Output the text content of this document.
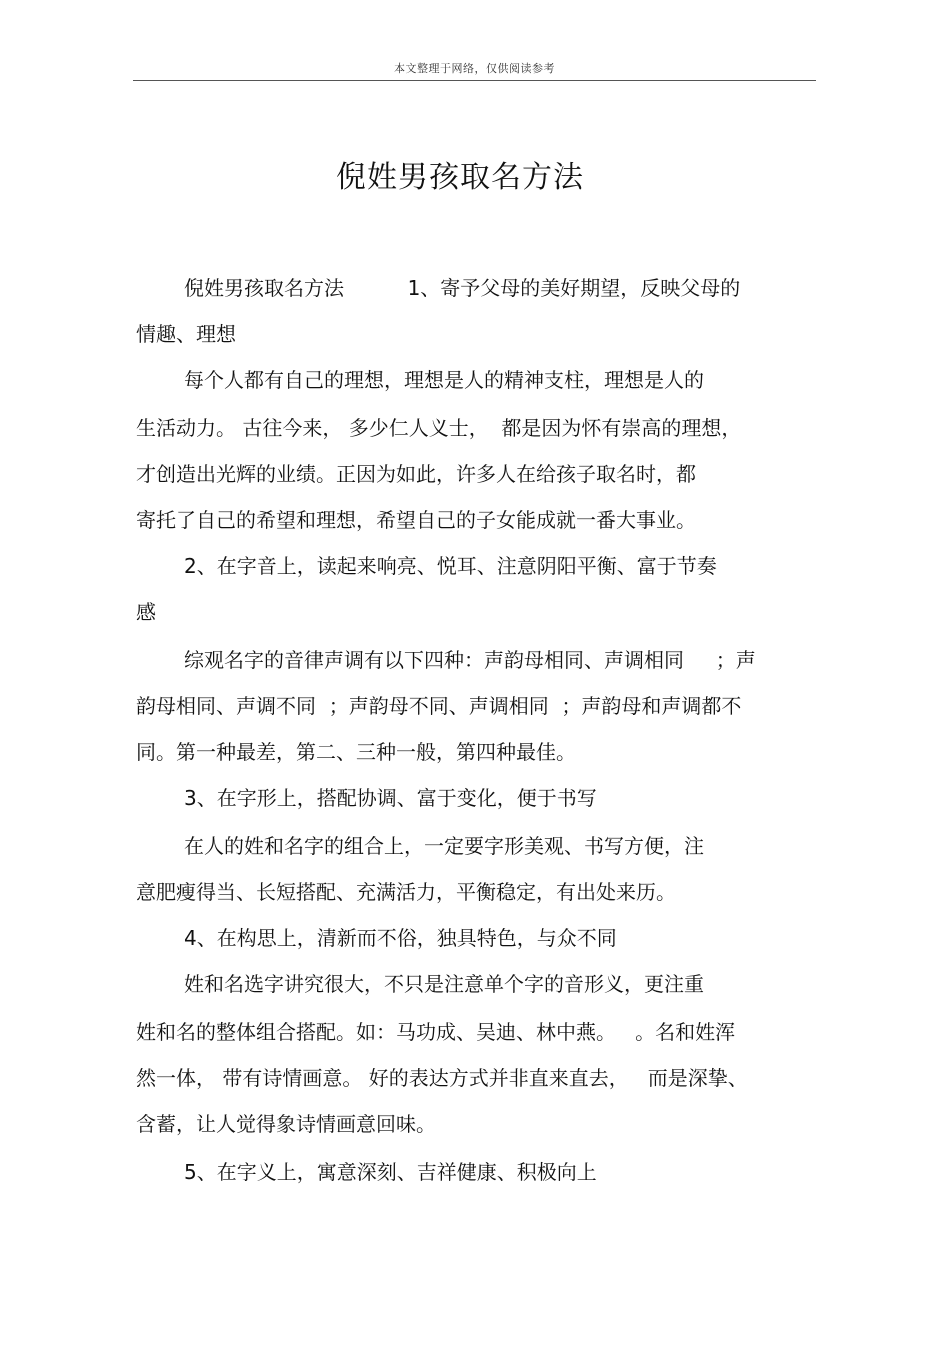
本文整理于网络，仅供阅读参考
倪姓男孩取名方法
倪姓男孩取名方法          1、寄予父母的美好期望，反映父母的
情趣、理想
每个人都有自己的理想，理想是人的精神支柱，理想是人的
生活动力。 古往今来， 多少仁人义士，  都是因为怀有崇高的理想，
才创造出光辉的业绩。正因为如此，许多人在给孩子取名时，都
寄托了自己的希望和理想，希望自己的子女能成就一番大事业。
2、在字音上，读起来响亮、悦耳、注意阴阳平衡、富于节奏
感
综观名字的音律声调有以下四种：声韵母相同、声调相同     ；声
韵母相同、声调不同  ；声韵母不同、声调相同  ；声韵母和声调都不
同。第一种最差，第二、三种一般，第四种最佳。
3、在字形上，搭配协调、富于变化，便于书写
在人的姓和名字的组合上，一定要字形美观、书写方便，注
意肥瘦得当、长短搭配、充满活力，平衡稳定，有出处来历。
4、在构思上，清新而不俗，独具特色，与众不同
姓和名选字讲究很大，不只是注意单个字的音形义，更注重
姓和名的整体组合搭配。如：马功成、吴迪、林中燕。   。名和姓浑
然一体， 带有诗情画意。 好的表达方式并非直来直去，   而是深挚、
含蓄，让人觉得象诗情画意回味。
5、在字义上，寓意深刻、吉祥健康、积极向上
